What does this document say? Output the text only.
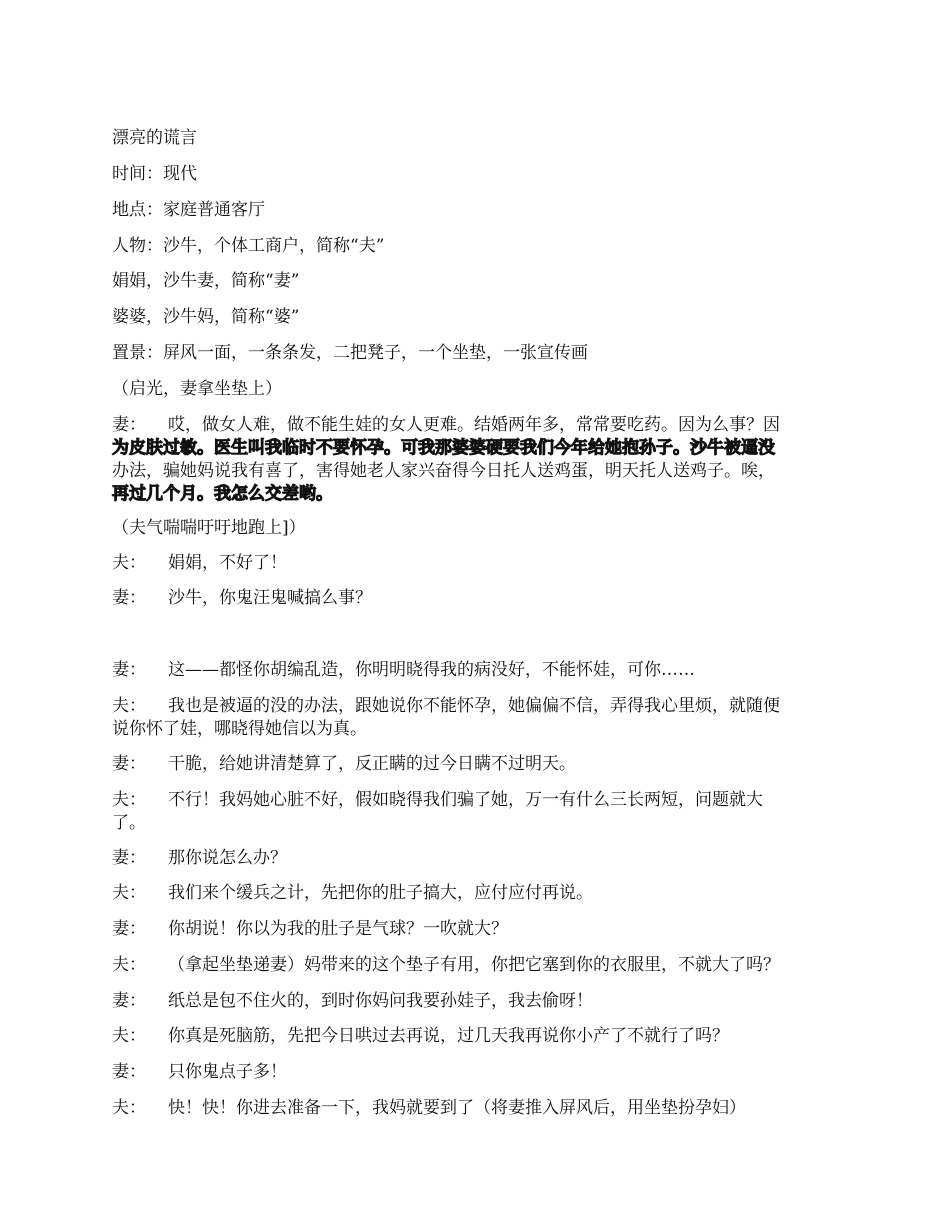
漂亮的谎言
时间：现代
地点：家庭普通客厅
人物：沙牛，个体工商户，简称“夫”
娟娟，沙牛妻，简称“妻”
婆婆，沙牛妈，简称“婆”
置景：屏风一面，一条条发，二把凳子，一个坐垫，一张宣传画
（启光，妻拿坐垫上）
妻： 哎，做女人难，做不能生娃的女人更难。结婚两年多，常常要吃药。因为么事？因
为皮肤过敏。医生叫我临时不要怀孕。可我那婆婆硬要我们今年给她抱孙子。沙牛被逼没
办法，骗她妈说我有喜了，害得她老人家兴奋得今日托人送鸡蛋，明天托人送鸡子。唉，
再过几个月。我怎么交差哟。
（夫气喘喘吁吁地跑上]）
夫： 娟娟，不好了！
妻： 沙牛，你鬼汪鬼喊搞么事？
妻： 这——都怪你胡编乱造，你明明晓得我的病没好，不能怀娃，可你……
夫： 我也是被逼的没的办法，跟她说你不能怀孕，她偏偏不信，弄得我心里烦，就随便
说你怀了娃，哪晓得她信以为真。
妻： 干脆，给她讲清楚算了，反正瞒的过今日瞒不过明天。
夫： 不行！我妈她心脏不好，假如晓得我们骗了她，万一有什么三长两短，问题就大
了。
妻： 那你说怎么办？
夫： 我们来个缓兵之计，先把你的肚子搞大，应付应付再说。
妻： 你胡说！你以为我的肚子是气球？一吹就大？
夫： （拿起坐垫递妻）妈带来的这个垫子有用，你把它塞到你的衣服里，不就大了吗？
妻： 纸总是包不住火的，到时你妈问我要孙娃子，我去偷呀！
夫： 你真是死脑筋，先把今日哄过去再说，过几天我再说你小产了不就行了吗？
妻： 只你鬼点子多！
夫： 快！快！你进去准备一下，我妈就要到了（将妻推入屏风后，用坐垫扮孕妇）
